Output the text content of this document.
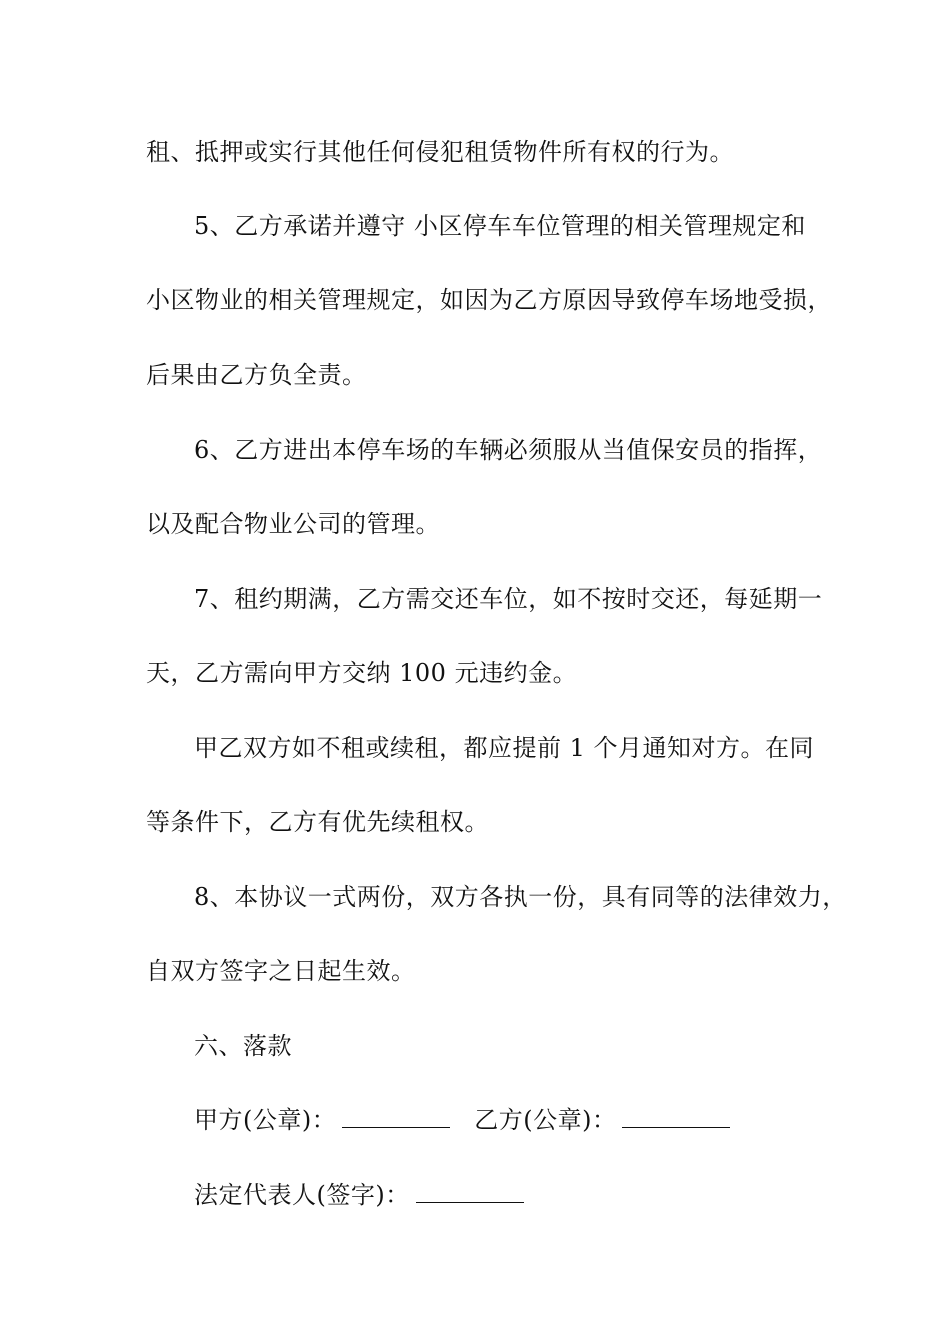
租、抵押或实行其他任何侵犯租赁物件所有权的行为。
5、乙方承诺并遵守 小区停车车位管理的相关管理规定和
小区物业的相关管理规定，如因为乙方原因导致停车场地受损，
后果由乙方负全责。
6、乙方进出本停车场的车辆必须服从当值保安员的指挥，
以及配合物业公司的管理。
7、租约期满，乙方需交还车位，如不按时交还，每延期一
天，乙方需向甲方交纳 100 元违约金。
甲乙双方如不租或续租，都应提前 1 个月通知对方。在同
等条件下，乙方有优先续租权。
8、本协议一式两份，双方各执一份，具有同等的法律效力，
自双方签字之日起生效。
六、落款
甲方(公章)：	乙方(公章)：
法定代表人(签字)：
